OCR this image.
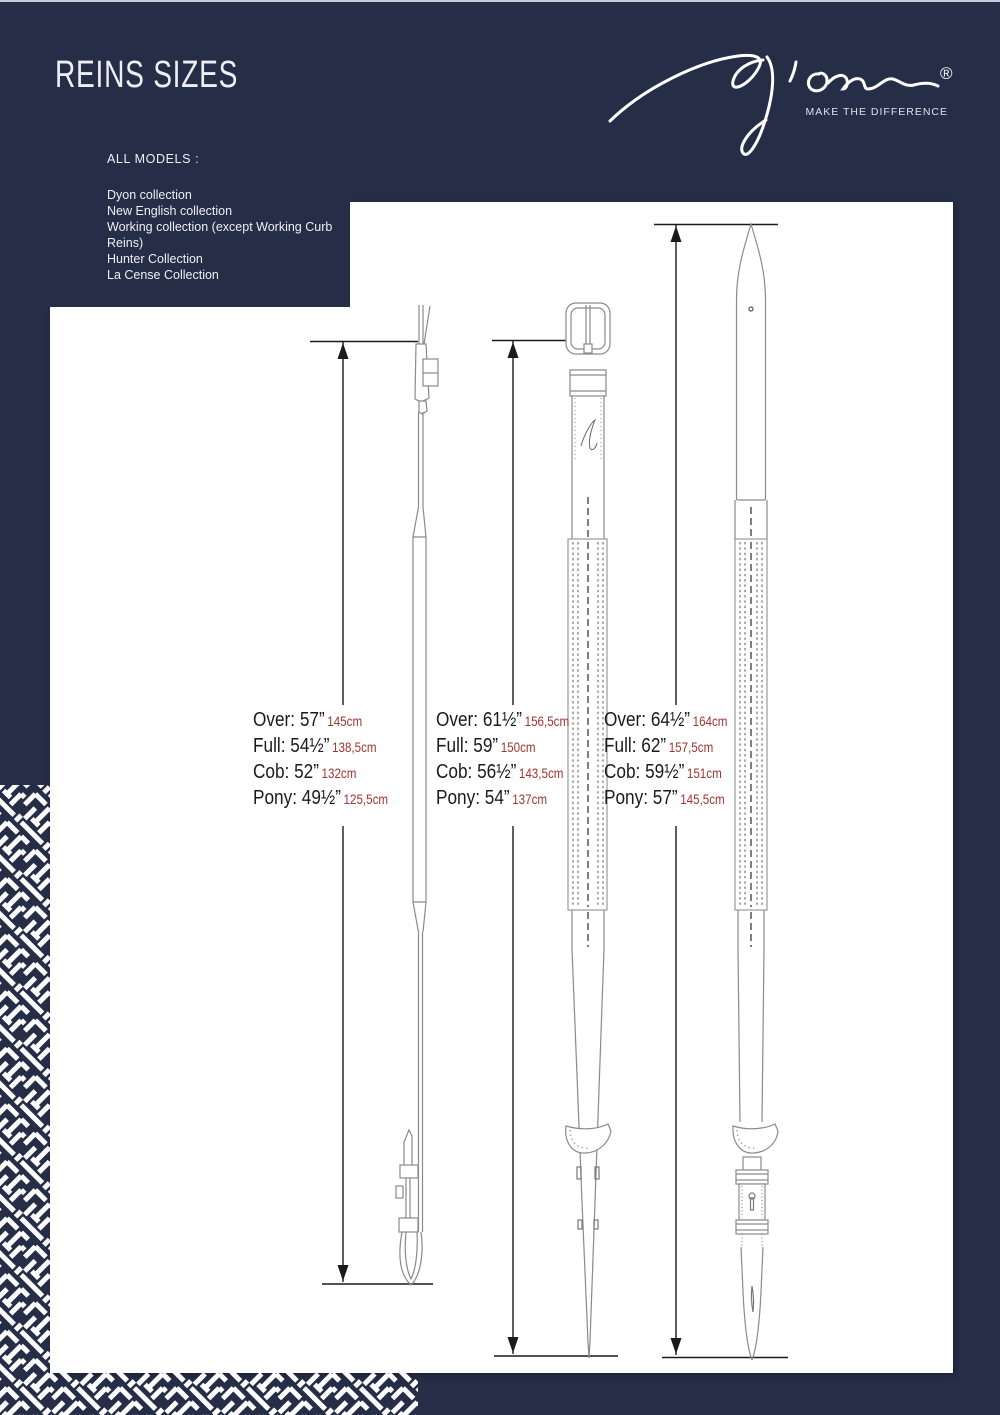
REINS SIZES
ALL MODELS :
Dyon collection
New English collection
Working collection (except Working Curb Reins)
Hunter Collection
La Cense Collection
®
MAKE THE DIFFERENCE
Over: 57” 145cm
Full: 54½” 138,5cm
Cob: 52” 132cm
Pony: 49½” 125,5cm
Over: 61½” 156,5cm
Full: 59” 150cm
Cob: 56½” 143,5cm
Pony: 54” 137cm
Over: 64½” 164cm
Full: 62” 157,5cm
Cob: 59½” 151cm
Pony: 57” 145,5cm
